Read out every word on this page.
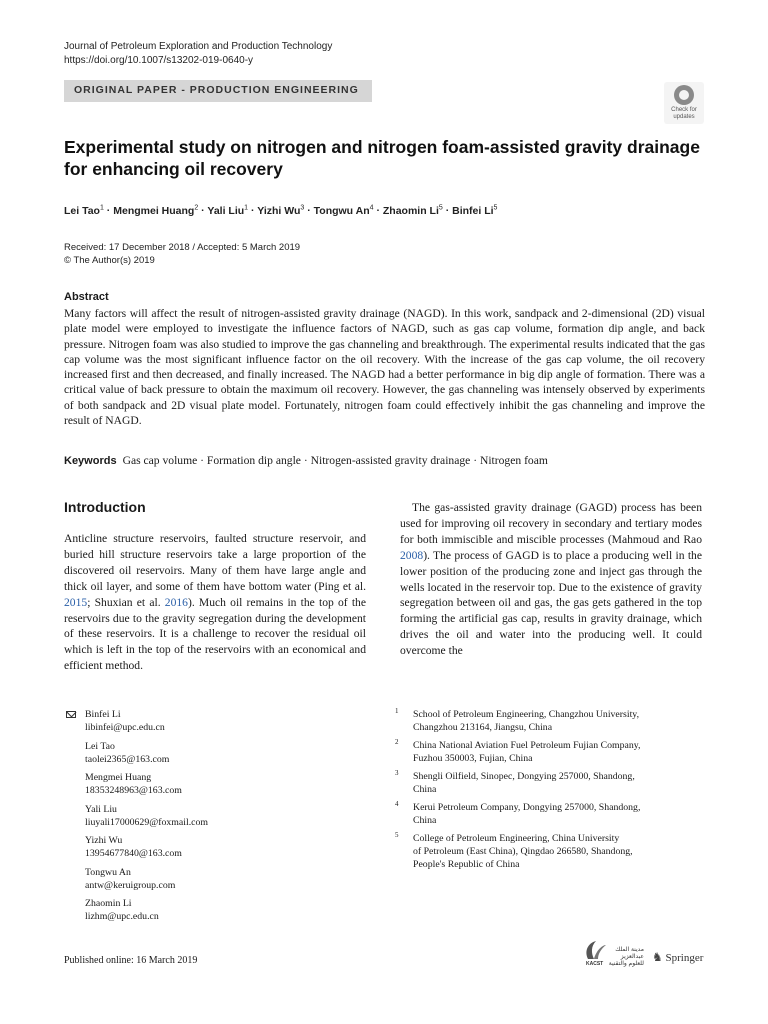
Journal of Petroleum Exploration and Production Technology
https://doi.org/10.1007/s13202-019-0640-y
ORIGINAL PAPER - PRODUCTION ENGINEERING
Check for
updates
Experimental study on nitrogen and nitrogen foam-assisted gravity drainage for enhancing oil recovery
Lei Tao$^1$ · Mengmei Huang$^2$ · Yali Liu$^1$ · Yizhi $Wu^3$ · Tongwu $An^4$ · Zhaomin $Li^5$ · Binfei Li$^5$
Received: 17 December 2018 / Accepted: 5 March 2019
© The Author(s) 2019
Abstract
Many factors will affect the result of nitrogen-assisted gravity drainage (NAGD). In this work, sandpack and 2-dimensional (2D) visual plate model were employed to investigate the influence factors of NAGD, such as gas cap volume, formation dip angle, and back pressure. Nitrogen foam was also studied to improve the gas channeling and breakthrough. The experimental results indicated that the gas cap volume was the most significant influence factor on the oil recovery. With the increase of the gas cap volume, the oil recovery increased first and then decreased, and finally increased. The NAGD had a better performance in big dip angle of formation. There was a critical value of back pressure to obtain the maximum oil recovery. However, the gas channeling was intensely observed by experiments of both sandpack and 2D visual plate model. Fortunately, nitrogen foam could effectively inhibit the gas channeling and improve the result of NAGD.
Keywords Gas cap volume · Formation dip angle · Nitrogen-assisted gravity drainage · Nitrogen foam
Introduction
Anticline structure reservoirs, faulted structure reservoir, and buried hill structure reservoirs take a large proportion of the discovered oil reservoirs. Many of them have large angle and thick oil layer, and some of them have bottom water (Ping et al. 2015; Shuxian et al. 2016). Much oil remains in the top of the reservoirs due to the gravity segregation during the development of these reservoirs. It is a challenge to recover the residual oil which is left in the top of the reservoirs with an economical and efficient method.
The gas-assisted gravity drainage (GAGD) process has been used for improving oil recovery in secondary and tertiary modes for both immiscible and miscible processes (Mahmoud and Rao 2008). The process of GAGD is to place a producing well in the lower position of the producing zone and inject gas through the wells located in the reservoir top. Due to the existence of gravity segregation between oil and gas, the gas gets gathered in the top forming the artificial gas cap, results in gravity drainage, which drives the oil and water into the producing well. It could overcome the
Binfei Li
libinfei@upc.edu.cn
Lei Tao
taolei2365@163.com
Mengmei Huang
18353248963@163.com
Yali Liu
liuyali17000629@foxmail.com
Yizhi Wu
13954677840@163.com
Tongwu An
antw@keruigroup.com
Zhaomin Li
lizhm@upc.edu.cn
1 School of Petroleum Engineering, Changzhou University,
Changzhou 213164, Jiangsu, China
2 China National Aviation Fuel Petroleum Fujian Company,
Fuzhou 350003, Fujian, China
3 Shengli Oilfield, Sinopec, Dongying 257000, Shandong,
China
4 Kerui Petroleum Company, Dongying 257000, Shandong,
China
5 College of Petroleum Engineering, China University
of Petroleum (East China), Qingdao 266580, Shandong,
People's Republic of China
Published online: 16 March 2019
مدينة الملك عبدالعزيز للعلوم والتقنية
KACST	♞ Springer
